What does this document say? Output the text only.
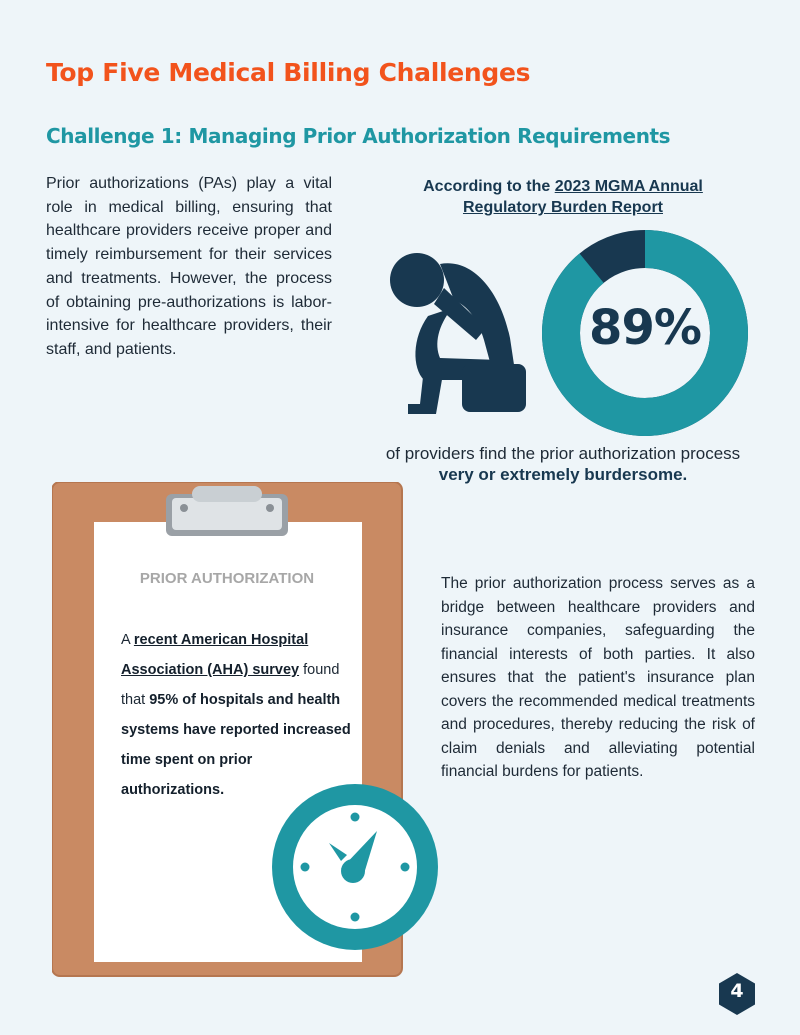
Top Five Medical Billing Challenges
Challenge 1: Managing Prior Authorization Requirements

Prior authorizations (PAs) play a vital role in medical billing, ensuring that healthcare providers receive proper and timely reimbursement for their services and treatments. However, the process of obtaining pre-authorizations is labor-intensive for healthcare providers, their staff, and patients.

According to the 2023 MGMA Annual Regulatory Burden Report

89%

of providers find the prior authorization process very or extremely burdersome.

PRIOR AUTHORIZATION

A recent American Hospital Association (AHA) survey found that 95% of hospitals and health systems have reported increased time spent on prior authorizations.

The prior authorization process serves as a bridge between healthcare providers and insurance companies, safeguarding the financial interests of both parties. It also ensures that the patient's insurance plan covers the recommended medical treatments and procedures, thereby reducing the risk of claim denials and alleviating potential financial burdens for patients.

4
